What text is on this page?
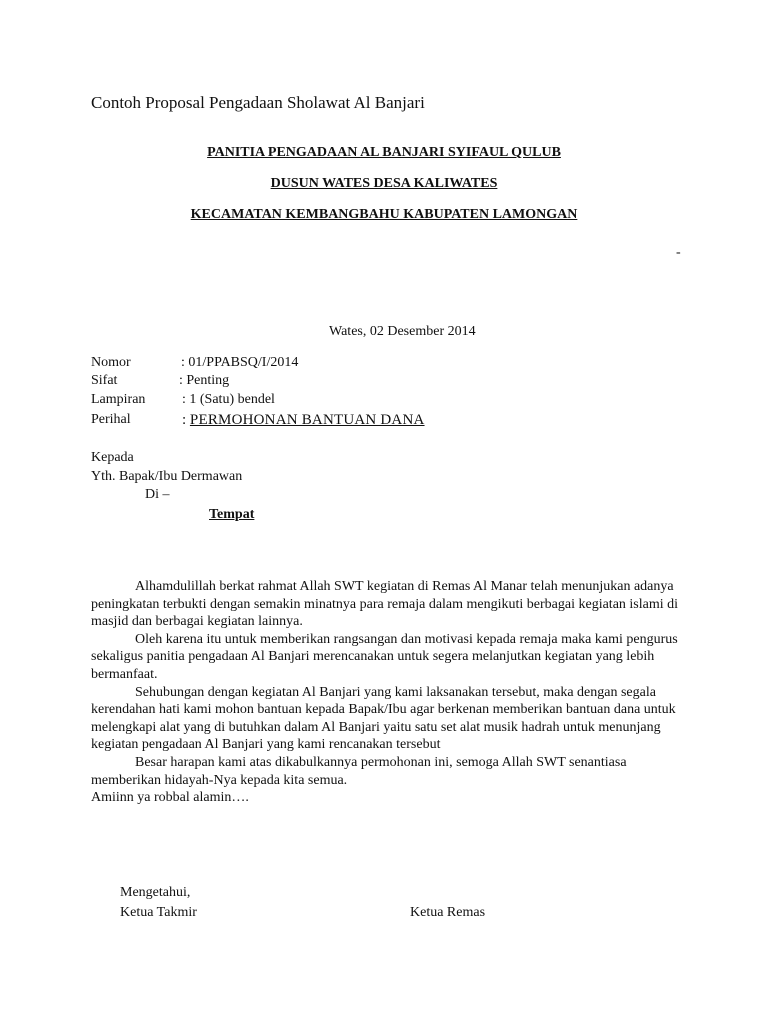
Contoh Proposal Pengadaan Sholawat Al Banjari
PANITIA PENGADAAN AL BANJARI SYIFAUL QULUB
DUSUN WATES DESA KALIWATES
KECAMATAN KEMBANGBAHU KABUPATEN LAMONGAN
-
Wates, 02 Desember 2014
Nomor	: 01/PPABSQ/I/2014
Sifat	: Penting
Lampiran	: 1 (Satu) bendel
Perihal	: PERMOHONAN BANTUAN DANA
Kepada
Yth. Bapak/Ibu Dermawan
Di –
Tempat

Alhamdulillah berkat rahmat Allah SWT kegiatan di Remas Al Manar telah menunjukan adanya peningkatan terbukti dengan semakin minatnya para remaja dalam mengikuti berbagai kegiatan islami di masjid dan berbagai kegiatan lainnya.

Oleh karena itu untuk memberikan rangsangan dan motivasi kepada remaja maka kami pengurus sekaligus panitia pengadaan Al Banjari merencanakan untuk segera melanjutkan kegiatan yang lebih bermanfaat.

Sehubungan dengan kegiatan Al Banjari yang kami laksanakan tersebut, maka dengan segala kerendahan hati kami mohon bantuan kepada Bapak/Ibu agar berkenan memberikan bantuan dana untuk melengkapi alat yang di butuhkan dalam Al Banjari yaitu satu set alat musik hadrah untuk menunjang kegiatan pengadaan Al Banjari yang kami rencanakan tersebut

Besar harapan kami atas dikabulkannya permohonan ini, semoga Allah SWT senantiasa memberikan hidayah-Nya kepada kita semua.

Amiinn ya robbal alamin….

Mengetahui,
Ketua Takmir	Ketua Remas
